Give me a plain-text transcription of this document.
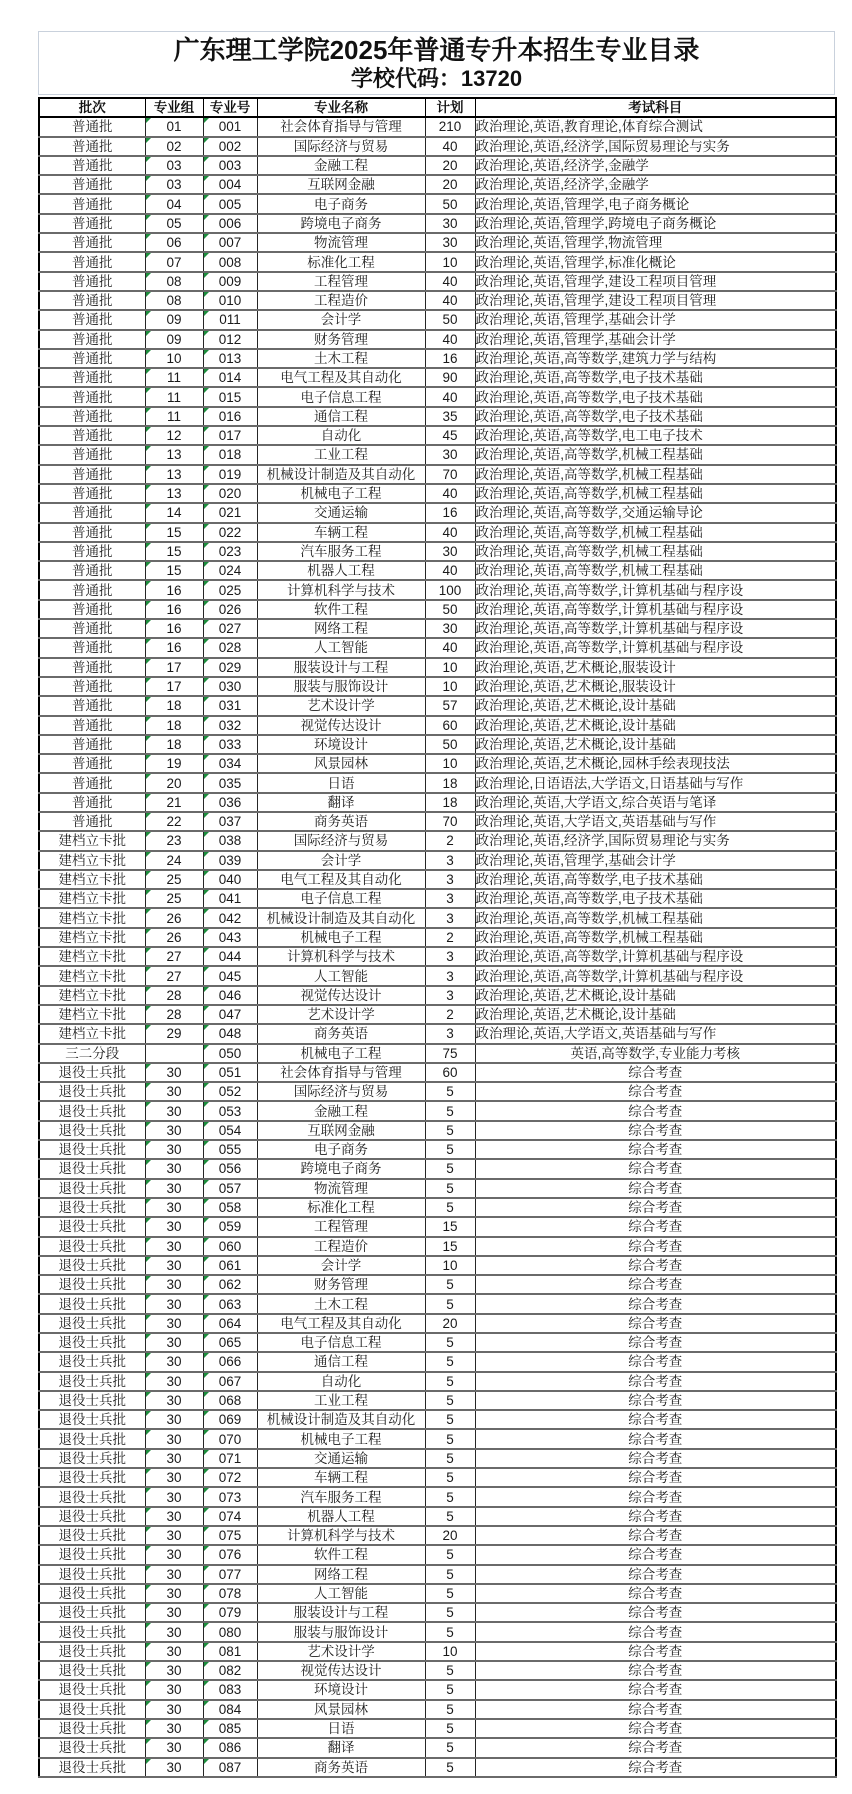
广东理工学院2025年普通专升本招生专业目录
学校代码：13720
批次	专业组	专业号	专业名称	计划	考试科目
普通批	01	001	社会体育指导与管理	210	政治理论,英语,教育理论,体育综合测试
普通批	02	002	国际经济与贸易	40	政治理论,英语,经济学,国际贸易理论与实务
普通批	03	003	金融工程	20	政治理论,英语,经济学,金融学
普通批	03	004	互联网金融	20	政治理论,英语,经济学,金融学
普通批	04	005	电子商务	50	政治理论,英语,管理学,电子商务概论
普通批	05	006	跨境电子商务	30	政治理论,英语,管理学,跨境电子商务概论
普通批	06	007	物流管理	30	政治理论,英语,管理学,物流管理
普通批	07	008	标准化工程	10	政治理论,英语,管理学,标准化概论
普通批	08	009	工程管理	40	政治理论,英语,管理学,建设工程项目管理
普通批	08	010	工程造价	40	政治理论,英语,管理学,建设工程项目管理
普通批	09	011	会计学	50	政治理论,英语,管理学,基础会计学
普通批	09	012	财务管理	40	政治理论,英语,管理学,基础会计学
普通批	10	013	土木工程	16	政治理论,英语,高等数学,建筑力学与结构
普通批	11	014	电气工程及其自动化	90	政治理论,英语,高等数学,电子技术基础
普通批	11	015	电子信息工程	40	政治理论,英语,高等数学,电子技术基础
普通批	11	016	通信工程	35	政治理论,英语,高等数学,电子技术基础
普通批	12	017	自动化	45	政治理论,英语,高等数学,电工电子技术
普通批	13	018	工业工程	30	政治理论,英语,高等数学,机械工程基础
普通批	13	019	机械设计制造及其自动化	70	政治理论,英语,高等数学,机械工程基础
普通批	13	020	机械电子工程	40	政治理论,英语,高等数学,机械工程基础
普通批	14	021	交通运输	16	政治理论,英语,高等数学,交通运输导论
普通批	15	022	车辆工程	40	政治理论,英语,高等数学,机械工程基础
普通批	15	023	汽车服务工程	30	政治理论,英语,高等数学,机械工程基础
普通批	15	024	机器人工程	40	政治理论,英语,高等数学,机械工程基础
普通批	16	025	计算机科学与技术	100	政治理论,英语,高等数学,计算机基础与程序设
普通批	16	026	软件工程	50	政治理论,英语,高等数学,计算机基础与程序设
普通批	16	027	网络工程	30	政治理论,英语,高等数学,计算机基础与程序设
普通批	16	028	人工智能	40	政治理论,英语,高等数学,计算机基础与程序设
普通批	17	029	服装设计与工程	10	政治理论,英语,艺术概论,服装设计
普通批	17	030	服装与服饰设计	10	政治理论,英语,艺术概论,服装设计
普通批	18	031	艺术设计学	57	政治理论,英语,艺术概论,设计基础
普通批	18	032	视觉传达设计	60	政治理论,英语,艺术概论,设计基础
普通批	18	033	环境设计	50	政治理论,英语,艺术概论,设计基础
普通批	19	034	风景园林	10	政治理论,英语,艺术概论,园林手绘表现技法
普通批	20	035	日语	18	政治理论,日语语法,大学语文,日语基础与写作
普通批	21	036	翻译	18	政治理论,英语,大学语文,综合英语与笔译
普通批	22	037	商务英语	70	政治理论,英语,大学语文,英语基础与写作
建档立卡批	23	038	国际经济与贸易	2	政治理论,英语,经济学,国际贸易理论与实务
建档立卡批	24	039	会计学	3	政治理论,英语,管理学,基础会计学
建档立卡批	25	040	电气工程及其自动化	3	政治理论,英语,高等数学,电子技术基础
建档立卡批	25	041	电子信息工程	3	政治理论,英语,高等数学,电子技术基础
建档立卡批	26	042	机械设计制造及其自动化	3	政治理论,英语,高等数学,机械工程基础
建档立卡批	26	043	机械电子工程	2	政治理论,英语,高等数学,机械工程基础
建档立卡批	27	044	计算机科学与技术	3	政治理论,英语,高等数学,计算机基础与程序设
建档立卡批	27	045	人工智能	3	政治理论,英语,高等数学,计算机基础与程序设
建档立卡批	28	046	视觉传达设计	3	政治理论,英语,艺术概论,设计基础
建档立卡批	28	047	艺术设计学	2	政治理论,英语,艺术概论,设计基础
建档立卡批	29	048	商务英语	3	政治理论,英语,大学语文,英语基础与写作
三二分段		050	机械电子工程	75	英语,高等数学,专业能力考核
退役士兵批	30	051	社会体育指导与管理	60	综合考查
退役士兵批	30	052	国际经济与贸易	5	综合考查
退役士兵批	30	053	金融工程	5	综合考查
退役士兵批	30	054	互联网金融	5	综合考查
退役士兵批	30	055	电子商务	5	综合考查
退役士兵批	30	056	跨境电子商务	5	综合考查
退役士兵批	30	057	物流管理	5	综合考查
退役士兵批	30	058	标准化工程	5	综合考查
退役士兵批	30	059	工程管理	15	综合考查
退役士兵批	30	060	工程造价	15	综合考查
退役士兵批	30	061	会计学	10	综合考查
退役士兵批	30	062	财务管理	5	综合考查
退役士兵批	30	063	土木工程	5	综合考查
退役士兵批	30	064	电气工程及其自动化	20	综合考查
退役士兵批	30	065	电子信息工程	5	综合考查
退役士兵批	30	066	通信工程	5	综合考查
退役士兵批	30	067	自动化	5	综合考查
退役士兵批	30	068	工业工程	5	综合考查
退役士兵批	30	069	机械设计制造及其自动化	5	综合考查
退役士兵批	30	070	机械电子工程	5	综合考查
退役士兵批	30	071	交通运输	5	综合考查
退役士兵批	30	072	车辆工程	5	综合考查
退役士兵批	30	073	汽车服务工程	5	综合考查
退役士兵批	30	074	机器人工程	5	综合考查
退役士兵批	30	075	计算机科学与技术	20	综合考查
退役士兵批	30	076	软件工程	5	综合考查
退役士兵批	30	077	网络工程	5	综合考查
退役士兵批	30	078	人工智能	5	综合考查
退役士兵批	30	079	服装设计与工程	5	综合考查
退役士兵批	30	080	服装与服饰设计	5	综合考查
退役士兵批	30	081	艺术设计学	10	综合考查
退役士兵批	30	082	视觉传达设计	5	综合考查
退役士兵批	30	083	环境设计	5	综合考查
退役士兵批	30	084	风景园林	5	综合考查
退役士兵批	30	085	日语	5	综合考查
退役士兵批	30	086	翻译	5	综合考查
退役士兵批	30	087	商务英语	5	综合考查
